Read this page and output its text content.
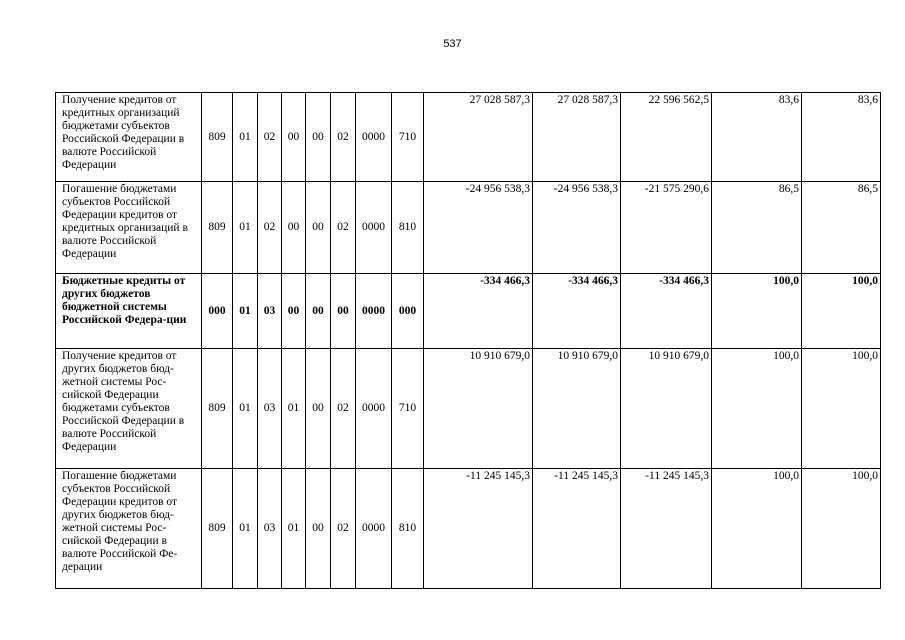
537
Получение кредитов от кредитных организаций бюджетами субъектов Российской Федерации в валюте Российской Федерации	809	01	02	00	00	02	0000	710	27 028 587,3	27 028 587,3	22 596 562,5	83,6	83,6
Погашение бюджетами субъектов Российской Федерации кредитов от кредитных организаций в валюте Российской Федерации	809	01	02	00	00	02	0000	810	-24 956 538,3	-24 956 538,3	-21 575 290,6	86,5	86,5
Бюджетные кредиты от других бюджетов бюджетной системы Российской Федера-ции	000	01	03	00	00	00	0000	000	-334 466,3	-334 466,3	-334 466,3	100,0	100,0
Получение кредитов от других бюджетов бюд-жетной системы Рос-сийской Федерации бюджетами субъектов Российской Федерации в валюте Российской Федерации	809	01	03	01	00	02	0000	710	10 910 679,0	10 910 679,0	10 910 679,0	100,0	100,0
Погашение бюджетами субъектов Российской Федерации кредитов от других бюджетов бюд-жетной системы Рос-сийской Федерации в валюте Российской Фе-дерации	809	01	03	01	00	02	0000	810	-11 245 145,3	-11 245 145,3	-11 245 145,3	100,0	100,0
